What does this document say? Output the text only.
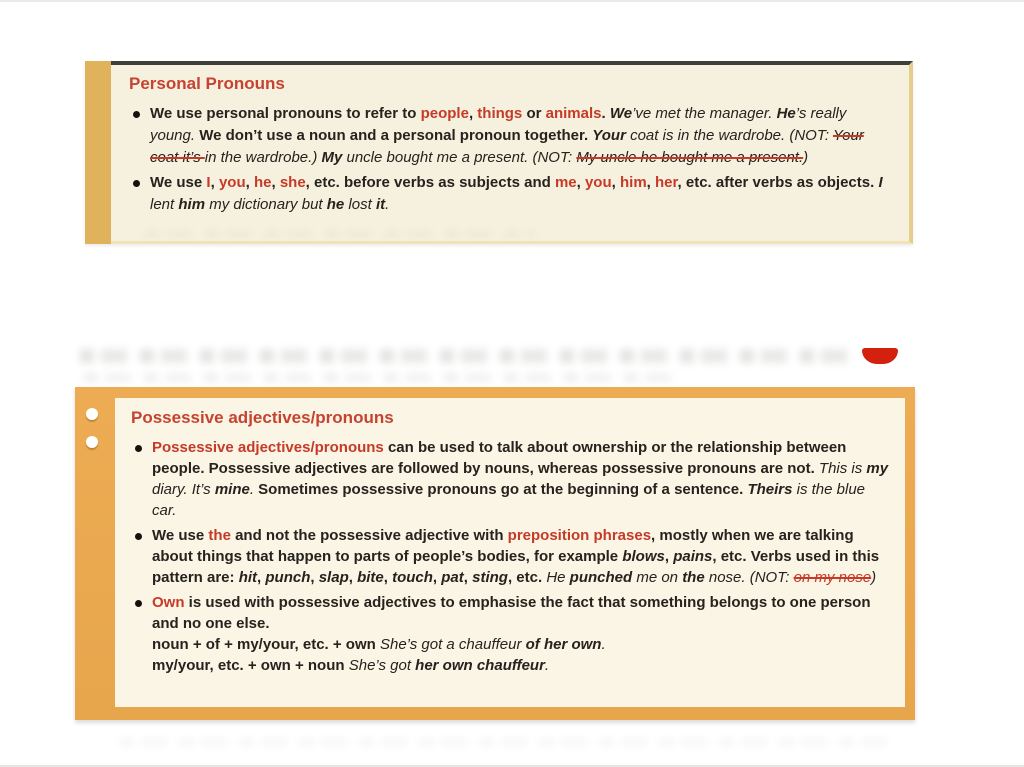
Personal Pronouns
We use personal pronouns to refer to people, things or animals. We’ve met the manager. He’s really young. We don’t use a noun and a personal pronoun together. Your coat is in the wardrobe. (NOT: Your coat it’s in the wardrobe.) My uncle bought me a present. (NOT: My uncle he bought me a present.)
We use I, you, he, she, etc. before verbs as subjects and me, you, him, her, etc. after verbs as objects. I lent him my dictionary but he lost it.
Possessive adjectives/pronouns
Possessive adjectives/pronouns can be used to talk about ownership or the relationship between people. Possessive adjectives are followed by nouns, whereas possessive pronouns are not. This is my diary. It’s mine. Sometimes possessive pronouns go at the beginning of a sentence. Theirs is the blue car.
We use the and not the possessive adjective with preposition phrases, mostly when we are talking about things that happen to parts of people’s bodies, for example blows, pains, etc. Verbs used in this pattern are: hit, punch, slap, bite, touch, pat, sting, etc. He punched me on the nose. (NOT: on my nose)
Own is used with possessive adjectives to emphasise the fact that something belongs to one person and no one else.
noun + of + my/your, etc. + own She’s got a chauffeur of her own.
my/your, etc. + own + noun She’s got her own chauffeur.
